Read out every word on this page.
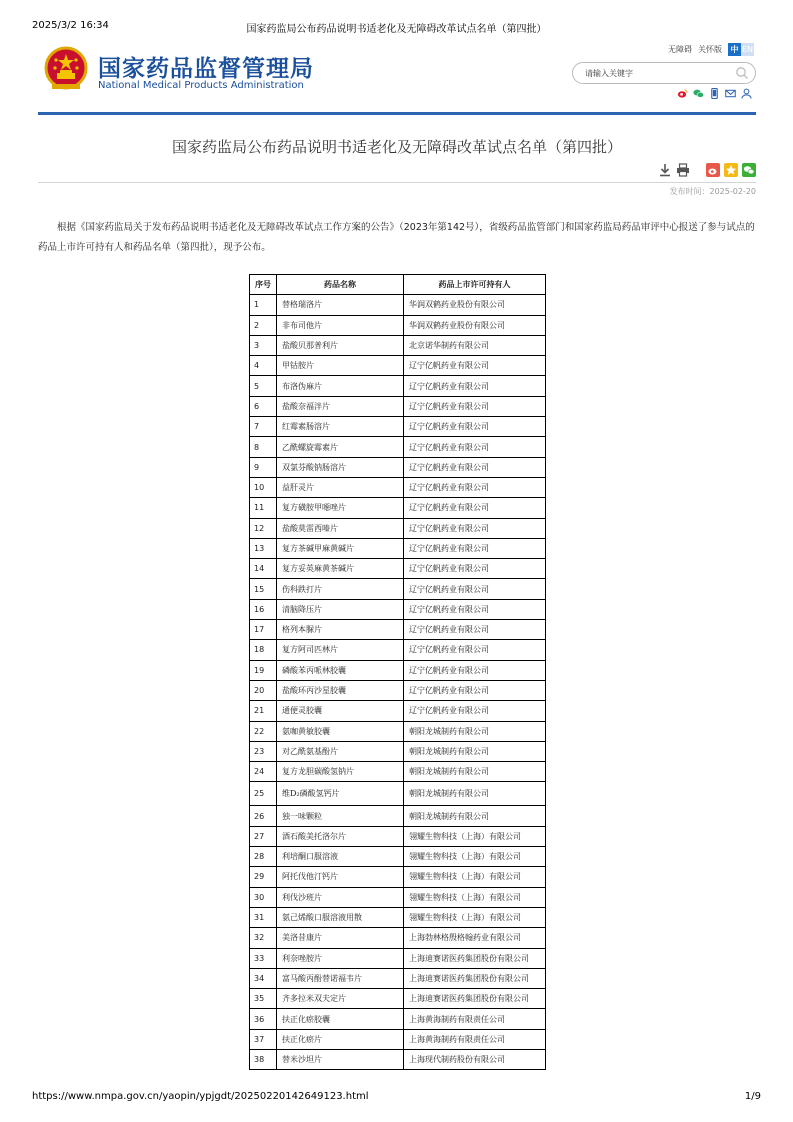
2025/3/2 16:34	国家药监局公布药品说明书适老化及无障碍改革试点名单（第四批）
国家药品监督管理局
National Medical Products Administration
无障碍 关怀版	中 EN
请输入关键字
国家药监局公布药品说明书适老化及无障碍改革试点名单（第四批）
发布时间：2025-02-20

根据《国家药监局关于发布药品说明书适老化及无障碍改革试点工作方案的公告》（2023年第142号），省级药品监管部门和国家药监局药品审评中心报送了参与试点的药品上市许可持有人和药品名单（第四批），现予公布。

序号	药品名称	药品上市许可持有人
1	替格瑞洛片	华润双鹤药业股份有限公司
2	非布司他片	华润双鹤药业股份有限公司
3	盐酸贝那普利片	北京诺华制药有限公司
4	甲钴胺片	辽宁亿帆药业有限公司
5	布洛伪麻片	辽宁亿帆药业有限公司
6	盐酸奈福泮片	辽宁亿帆药业有限公司
7	红霉素肠溶片	辽宁亿帆药业有限公司
8	乙酰螺旋霉素片	辽宁亿帆药业有限公司
9	双氯芬酸钠肠溶片	辽宁亿帆药业有限公司
10	益肝灵片	辽宁亿帆药业有限公司
11	复方磺胺甲噁唑片	辽宁亿帆药业有限公司
12	盐酸莫雷西嗪片	辽宁亿帆药业有限公司
13	复方茶碱甲麻黄碱片	辽宁亿帆药业有限公司
14	复方妥英麻黄茶碱片	辽宁亿帆药业有限公司
15	伤科跌打片	辽宁亿帆药业有限公司
16	清脑降压片	辽宁亿帆药业有限公司
17	格列本脲片	辽宁亿帆药业有限公司
18	复方阿司匹林片	辽宁亿帆药业有限公司
19	磷酸苯丙哌林胶囊	辽宁亿帆药业有限公司
20	盐酸环丙沙星胶囊	辽宁亿帆药业有限公司
21	通便灵胶囊	辽宁亿帆药业有限公司
22	氨咖黄敏胶囊	朝阳龙城制药有限公司
23	对乙酰氨基酚片	朝阳龙城制药有限公司
24	复方龙胆碳酸氢钠片	朝阳龙城制药有限公司
25	维D₂磷酸氢钙片	朝阳龙城制药有限公司
26	独一味颗粒	朝阳龙城制药有限公司
27	酒石酸美托洛尔片	翎耀生物科技（上海）有限公司
28	利培酮口服溶液	翎耀生物科技（上海）有限公司
29	阿托伐他汀钙片	翎耀生物科技（上海）有限公司
30	利伐沙班片	翎耀生物科技（上海）有限公司
31	氨己烯酸口服溶液用散	翎耀生物科技（上海）有限公司
32	美洛昔康片	上海勃林格殷格翰药业有限公司
33	利奈唑胺片	上海迪赛诺医药集团股份有限公司
34	富马酸丙酚替诺福韦片	上海迪赛诺医药集团股份有限公司
35	齐多拉米双夫定片	上海迪赛诺医药集团股份有限公司
36	扶正化瘀胶囊	上海黄海制药有限责任公司
37	扶正化瘀片	上海黄海制药有限责任公司
38	替米沙坦片	上海现代制药股份有限公司
https://www.nmpa.gov.cn/yaopin/ypjgdt/20250220142649123.html	1/9
